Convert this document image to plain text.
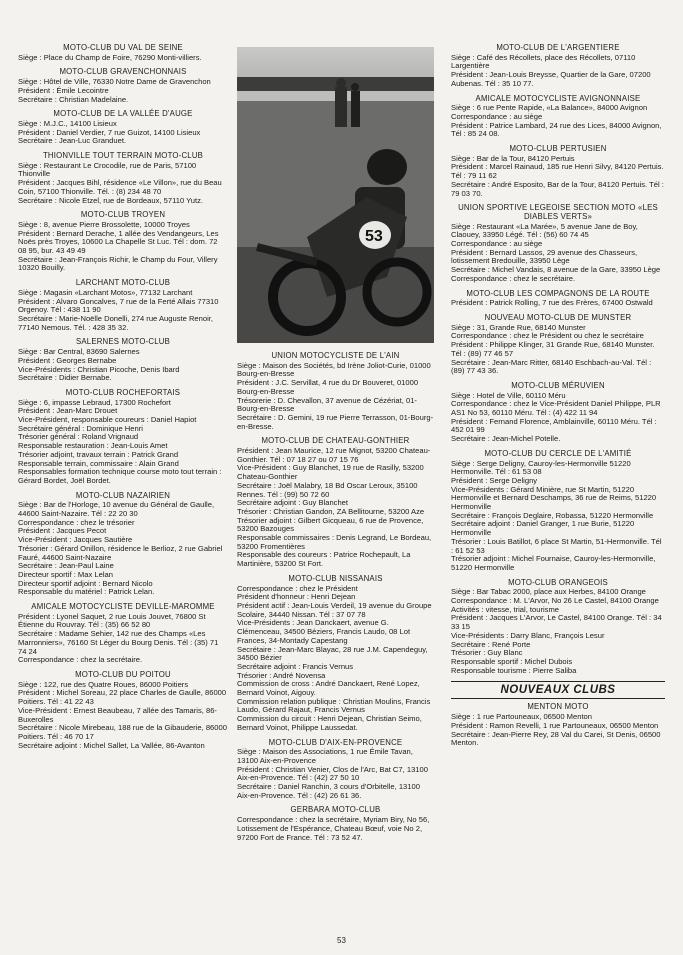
MOTO-CLUB DU VAL DE SEINE
Siège : Place du Champ de Foire, 76290 Monti-villiers.
MOTO-CLUB GRAVENCHONNAIS
Siège : Hôtel de Ville, 76330 Notre Dame de Gravenchon
Président : Émile Lecointre
Secrétaire : Christian Madelaine.
MOTO-CLUB DE LA VALLÉE D'AUGE
Siège : M.J.C., 14100 Lisieux
Président : Daniel Verdier, 7 rue Guizot, 14100 Lisieux
Secrétaire : Jean-Luc Granduet.
THIONVILLE TOUT TERRAIN MOTO-CLUB
Siège : Restaurant Le Crocodile, rue de Paris, 57100 Thionville
Président : Jacques Bihl, résidence «Le Villon», rue du Beau Coin, 57100 Thionville. Tél. : (8) 234 48 70
Secrétaire : Nicole Etzel, rue de Bordeaux, 57110 Yutz.
MOTO-CLUB TROYEN
Siège : 8, avenue Pierre Brossolette, 10000 Troyes
Président : Bernard Derache, 1 allée des Vendangeurs, Les Noës près Troyes, 10600 La Chapelle St Luc. Tél : dom. 72 08 95, bur. 43 49 49
Secrétaire : Jean-François Richir, le Champ du Four, Villery 10320 Bouilly.
LARCHANT MOTO-CLUB
Siège : Magasin «Larchant Motos», 77132 Larchant
Président : Alvaro Goncalves, 7 rue de la Ferté Allais 77310 Orgenoy. Tél : 438 11 90
Secrétaire : Marie-Noëlle Donelli, 274 rue Auguste Renoir, 77140 Nemous. Tél. : 428 35 32.
SALERNES MOTO-CLUB
Siège : Bar Central, 83690 Salernes
Président : Georges Bernabe
Vice-Présidents : Christian Picoche, Denis Ibard
Secrétaire : Didier Bernabe.
MOTO-CLUB ROCHEFORTAIS
Siège : 6, impasse Lebraud, 17300 Rochefort
Président : Jean-Marc Drouet
Vice-Président, responsable coureurs : Daniel Hapiot
Secrétaire général : Dominique Henri
Trésorier général : Roland Vrignaud
Responsable restauration : Jean-Louis Amet
Trésorier adjoint, travaux terrain : Patrick Grand
Responsable terrain, commissaire : Alain Grand
Responsables formation technique course moto tout terrain : Gérard Bordet, Joël Bordet.
MOTO-CLUB NAZAIRIEN
Siège : Bar de l'Horloge, 10 avenue du Général de Gaulle, 44600 Saint-Nazaire. Tél : 22 20 30
Correspondance : chez le trésorier
Président : Jacques Pecot
Vice-Président : Jacques Sautière
Trésorier : Gérard Onillon, résidence le Berlioz, 2 rue Gabriel Fauré, 44600 Saint-Nazaire
Secrétaire : Jean-Paul Laine
Directeur sportif : Max Lelan
Directeur sportif adjoint : Bernard Nicolo
Responsable du matériel : Patrick Lelan.
AMICALE MOTOCYCLISTE DEVILLE-MAROMME
Président : Lyonel Saquet, 2 rue Louis Jouvet, 76800 St Étienne du Rouvray. Tél : (35) 66 52 80
Secrétaire : Madame Sehier, 142 rue des Champs «Les Marronniers», 76160 St Léger du Bourg Denis. Tél : (35) 71 74 24
Correspondance : chez la secrétaire.
MOTO-CLUB DU POITOU
Siège : 122, rue des Quatre Roues, 86000 Poitiers
Président : Michel Soreau, 22 place Charles de Gaulle, 86000 Poitiers. Tél : 41 22 43
Vice-Président : Ernest Beaubeau, 7 allée des Tamaris, 86-Buxerolles
Secrétaire : Nicole Mirebeau, 188 rue de la Gibauderie, 86000 Poitiers. Tél : 46 70 17
Secrétaire adjoint : Michel Sallet, La Vallée, 86-Avanton
53
UNION MOTOCYCLISTE DE L'AIN
Siège : Maison des Sociétés, bd Irène Joliot-Curie, 01000 Bourg-en-Bresse
Président : J.C. Servillat, 4 rue du Dr Bouveret, 01000 Bourg-en-Bresse
Trésorerie : D. Chevallon, 37 avenue de Cézériat, 01-Bourg-en-Bresse
Secrétaire : D. Gemini, 19 rue Pierre Terrasson, 01-Bourg-en-Bresse.
MOTO-CLUB DE CHATEAU-GONTHIER
Président : Jean Maurice, 12 rue Mignot, 53200 Chateau-Gonthier. Tél : 07 18 27 ou 07 15 76
Vice-Président : Guy Blanchet, 19 rue de Rasilly, 53200 Chateau-Gonthier
Secrétaire : Joël Malabry, 18 Bd Oscar Leroux, 35100 Rennes. Tél : (99) 50 72 60
Secrétaire adjoint : Guy Blanchet
Trésorier : Christian Gandon, ZA Bellitourne, 53200 Aze
Trésorier adjoint : Gilbert Gicqueau, 6 rue de Provence, 53200 Bazouges
Responsable commissaires : Denis Legrand, Le Bordeau, 53200 Fromentières
Responsable des coureurs : Patrice Rochepault, La Martinière, 53200 St Fort.
MOTO-CLUB NISSANAIS
Correspondance : chez le Président
Président d'honneur : Henri Dejean
Président actif : Jean-Louis Verdeil, 19 avenue du Groupe Scolaire, 34440 Nissan. Tél : 37 07 78
Vice-Présidents : Jean Danckaert, avenue G. Clémenceau, 34500 Béziers, Francis Laudo, 08 Lot Frances, 34-Montady Capestang
Secrétaire : Jean-Marc Blayac, 28 rue J.M. Capendeguy, 34500 Bézier
Secrétaire adjoint : Francis Vernus
Trésorier : André Novensa
Commission de cross : André Danckaert, René Lopez, Bernard Voinot, Aigouy.
Commission relation publique : Christian Moulins, Francis Laudo, Gérard Rajaut, Francis Vernus
Commission du circuit : Henri Dejean, Christian Seimo, Bernard Voinot, Philippe Laussedat.
MOTO-CLUB D'AIX-EN-PROVENCE
Siège : Maison des Associations, 1 rue Émile Tavan, 13100 Aix-en-Provence
Président : Christian Venier, Clos de l'Arc, Bat C7, 13100 Aix-en-Provence. Tél : (42) 27 50 10
Secrétaire : Daniel Ranchin, 3 cours d'Orbitelle, 13100 Aix-en-Provence. Tél : (42) 26 61 36.
GERBARA MOTO-CLUB
Correspondance : chez la secrétaire, Myriam Biry, No 56, Lotissement de l'Espérance, Chateau Bœuf, voie No 2, 97200 Fort de France. Tél : 73 52 47.
MOTO-CLUB DE L'ARGENTIERE
Siège : Café des Récollets, place des Récollets, 07110 Largentière
Président : Jean-Louis Breysse, Quartier de la Gare, 07200 Aubenas. Tél : 35 10 77.
AMICALE MOTOCYCLISTE AVIGNONNAISE
Siège : 6 rue Pente Rapide, «La Balance», 84000 Avignon
Correspondance : au siège
Président : Patrice Lambard, 24 rue des Lices, 84000 Avignon, Tél : 85 24 08.
MOTO-CLUB PERTUSIEN
Siège : Bar de la Tour, 84120 Pertuis
Président : Marcel Rainaud, 185 rue Henri Silvy, 84120 Pertuis. Tél : 79 11 62
Secrétaire : André Esposito, Bar de la Tour, 84120 Pertuis. Tél : 79 03 70.
UNION SPORTIVE LEGEOISE SECTION MOTO «LES DIABLES VERTS»
Siège : Restaurant «La Marée», 5 avenue Jane de Boy, Claouey, 33950 Légé. Tél : (56) 60 74 45
Correspondance : au siège
Président : Bernard Lassos, 29 avenue des Chasseurs, lotissement Bredouille, 33950 Lège
Secrétaire : Michel Vandais, 8 avenue de la Gare, 33950 Lège
Correspondance : chez le secrétaire.
MOTO-CLUB LES COMPAGNONS DE LA ROUTE
Président : Patrick Rolling, 7 rue des Frères, 67400 Ostwald
NOUVEAU MOTO-CLUB DE MUNSTER
Siège : 31, Grande Rue, 68140 Munster
Correspondance : chez le Président ou chez le secrétaire
Président : Philippe Klinger, 31 Grande Rue, 68140 Munster. Tél : (89) 77 46 57
Secrétaire : Jean-Marc Ritter, 68140 Eschbach-au-Val. Tél : (89) 77 43 36.
MOTO-CLUB MÉRUVIEN
Siège : Hotel de Ville, 60110 Méru
Correspondance : chez le Vice-Président Daniel Philippe, PLR AS1 No 53, 60110 Méru. Tél : (4) 422 11 94
Président : Fernand Florence, Amblainville, 60110 Méru. Tél : 452 01 99
Secrétaire : Jean-Michel Potelle.
MOTO-CLUB DU CERCLE DE L'AMITIÉ
Siège : Serge Deligny, Cauroy-les-Hermonville 51220 Hermonville. Tél : 61 53 08
Président : Serge Deligny
Vice-Présidents : Gérard Minière, rue St Martin, 51220 Hermonville et Bernard Deschamps, 36 rue de Reims, 51220 Hermonville
Secrétaire : François Deglaire, Robassa, 51220 Hermonville
Secrétaire adjoint : Daniel Granger, 1 rue Burie, 51220 Hermonville
Trésorier : Louis Batillot, 6 place St Martin, 51-Hermonville. Tél : 61 52 53
Trésorier adjoint : Michel Fournaise, Cauroy-les-Hermonville, 51220 Hermonville
MOTO-CLUB ORANGEOIS
Siège : Bar Tabac 2000, place aux Herbes, 84100 Orange
Correspondance : M. L'Arvor, No 26 Le Castel, 84100 Orange
Activités : vitesse, trial, tourisme
Président : Jacques L'Arvor, Le Castel, 84100 Orange. Tél : 34 33 15
Vice-Présidents : Darry Blanc, François Lesur
Secrétaire : René Porte
Trésorier : Guy Blanc
Responsable sportif : Michel Dubois
Responsable tourisme : Pierre Saliba
NOUVEAUX CLUBS
MENTON MOTO
Siège : 1 rue Partouneaux, 06500 Menton
Président : Ramon Revelli, 1 rue Partouneaux, 06500 Menton
Secrétaire : Jean-Pierre Rey, 28 Val du Carei, St Denis, 06500 Menton.
53
